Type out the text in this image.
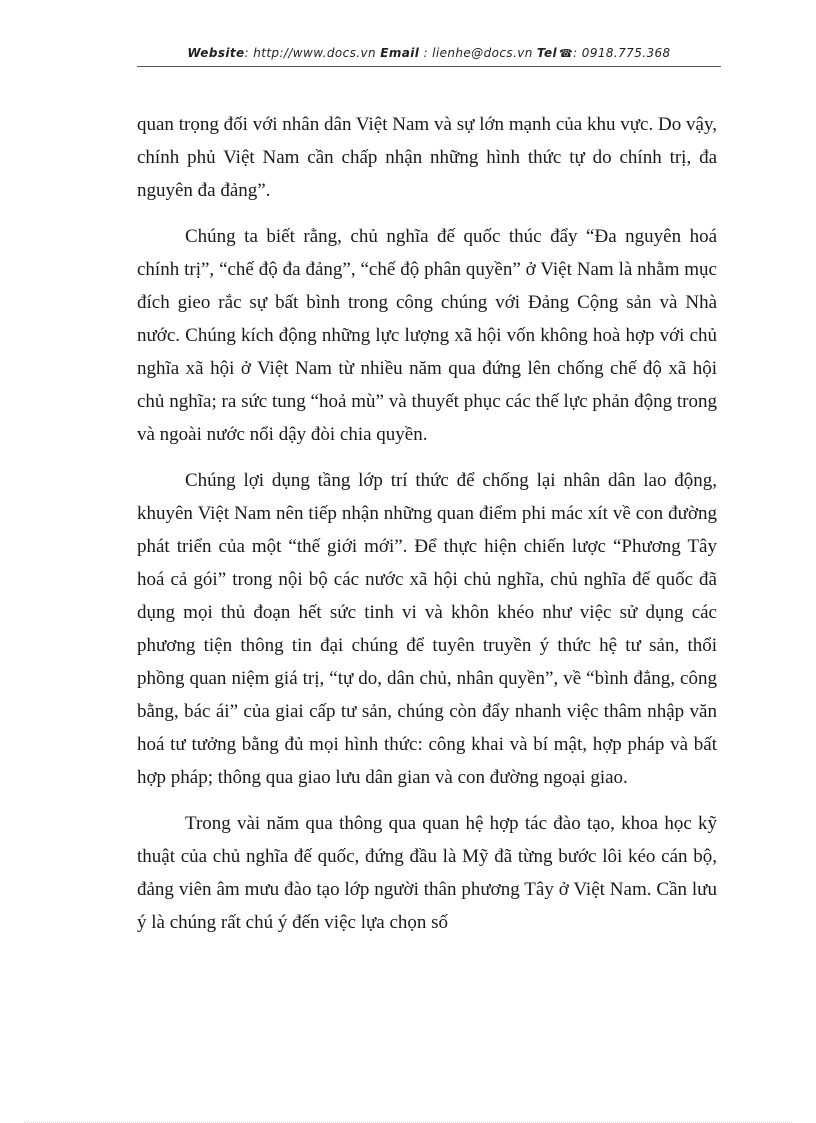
Website: http://www.docs.vn Email : lienhe@docs.vn Tel ☎: 0918.775.368

quan trọng đối với nhân dân Việt Nam và sự lớn mạnh của khu vực. Do vậy, chính phủ Việt Nam cần chấp nhận những hình thức tự do chính trị, đa nguyên đa đảng”.

Chúng ta biết rằng, chủ nghĩa đế quốc thúc đẩy “Đa nguyên hoá chính trị”, “chế độ đa đảng”, “chế độ phân quyền” ở Việt Nam là nhằm mục đích gieo rắc sự bất bình trong công chúng với Đảng Cộng sản và Nhà nước. Chúng kích động những lực lượng xã hội vốn không hoà hợp với chủ nghĩa xã hội ở Việt Nam từ nhiều năm qua đứng lên chống chế độ xã hội chủ nghĩa; ra sức tung “hoả mù” và thuyết phục các thế lực phản động trong và ngoài nước nổi dậy đòi chia quyền.

Chúng lợi dụng tầng lớp trí thức để chống lại nhân dân lao động, khuyên Việt Nam nên tiếp nhận những quan điểm phi mác xít về con đường phát triển của một “thế giới mới”. Để thực hiện chiến lược “Phương Tây hoá cả gói” trong nội bộ các nước xã hội chủ nghĩa, chủ nghĩa đế quốc đã dụng mọi thủ đoạn hết sức tinh vi và khôn khéo như việc sử dụng các phương tiện thông tin đại chúng để tuyên truyền ý thức hệ tư sản, thổi phồng quan niệm giá trị, “tự do, dân chủ, nhân quyền”, về “bình đẳng, công bằng, bác ái” của giai cấp tư sản, chúng còn đẩy nhanh việc thâm nhập văn hoá tư tưởng bằng đủ mọi hình thức: công khai và bí mật, hợp pháp và bất hợp pháp; thông qua giao lưu dân gian và con đường ngoại giao.

Trong vài năm qua thông qua quan hệ hợp tác đào tạo, khoa học kỹ thuật của chủ nghĩa đế quốc, đứng đầu là Mỹ đã từng bước lôi kéo cán bộ, đảng viên âm mưu đào tạo lớp người thân phương Tây ở Việt Nam. Cần lưu ý là chúng rất chú ý đến việc lựa chọn số
